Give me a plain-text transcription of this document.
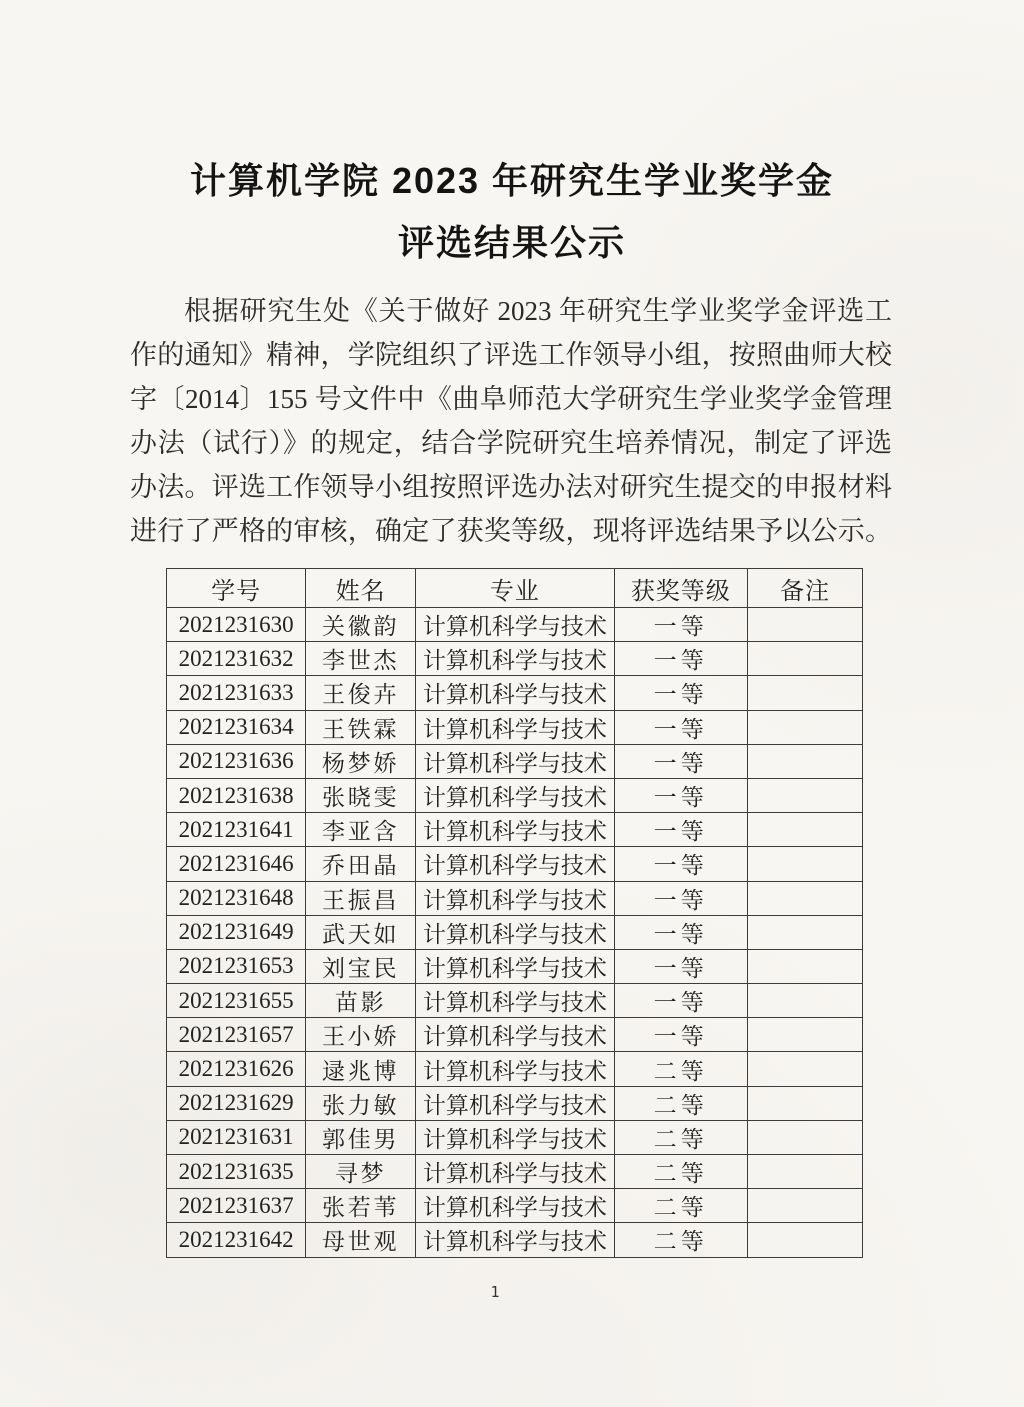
计算机学院 2023 年研究生学业奖学金
评选结果公示
根据研究生处《关于做好 2023 年研究生学业奖学金评选工
作的通知》精神，学院组织了评选工作领导小组，按照曲师大校
字〔2014〕155 号文件中《曲阜师范大学研究生学业奖学金管理
办法（试行）》的规定，结合学院研究生培养情况，制定了评选
办法。评选工作领导小组按照评选办法对研究生提交的申报材料
进行了严格的审核，确定了获奖等级，现将评选结果予以公示。
学号	姓名	专业	获奖等级	备注
2021231630	关徽韵	计算机科学与技术	一等	
2021231632	李世杰	计算机科学与技术	一等	
2021231633	王俊卉	计算机科学与技术	一等	
2021231634	王铁霖	计算机科学与技术	一等	
2021231636	杨梦娇	计算机科学与技术	一等	
2021231638	张晓雯	计算机科学与技术	一等	
2021231641	李亚含	计算机科学与技术	一等	
2021231646	乔田晶	计算机科学与技术	一等	
2021231648	王振昌	计算机科学与技术	一等	
2021231649	武天如	计算机科学与技术	一等	
2021231653	刘宝民	计算机科学与技术	一等	
2021231655	苗影	计算机科学与技术	一等	
2021231657	王小娇	计算机科学与技术	一等	
2021231626	逯兆博	计算机科学与技术	二等	
2021231629	张力敏	计算机科学与技术	二等	
2021231631	郭佳男	计算机科学与技术	二等	
2021231635	寻梦	计算机科学与技术	二等	
2021231637	张若苇	计算机科学与技术	二等	
2021231642	母世观	计算机科学与技术	二等	
1
